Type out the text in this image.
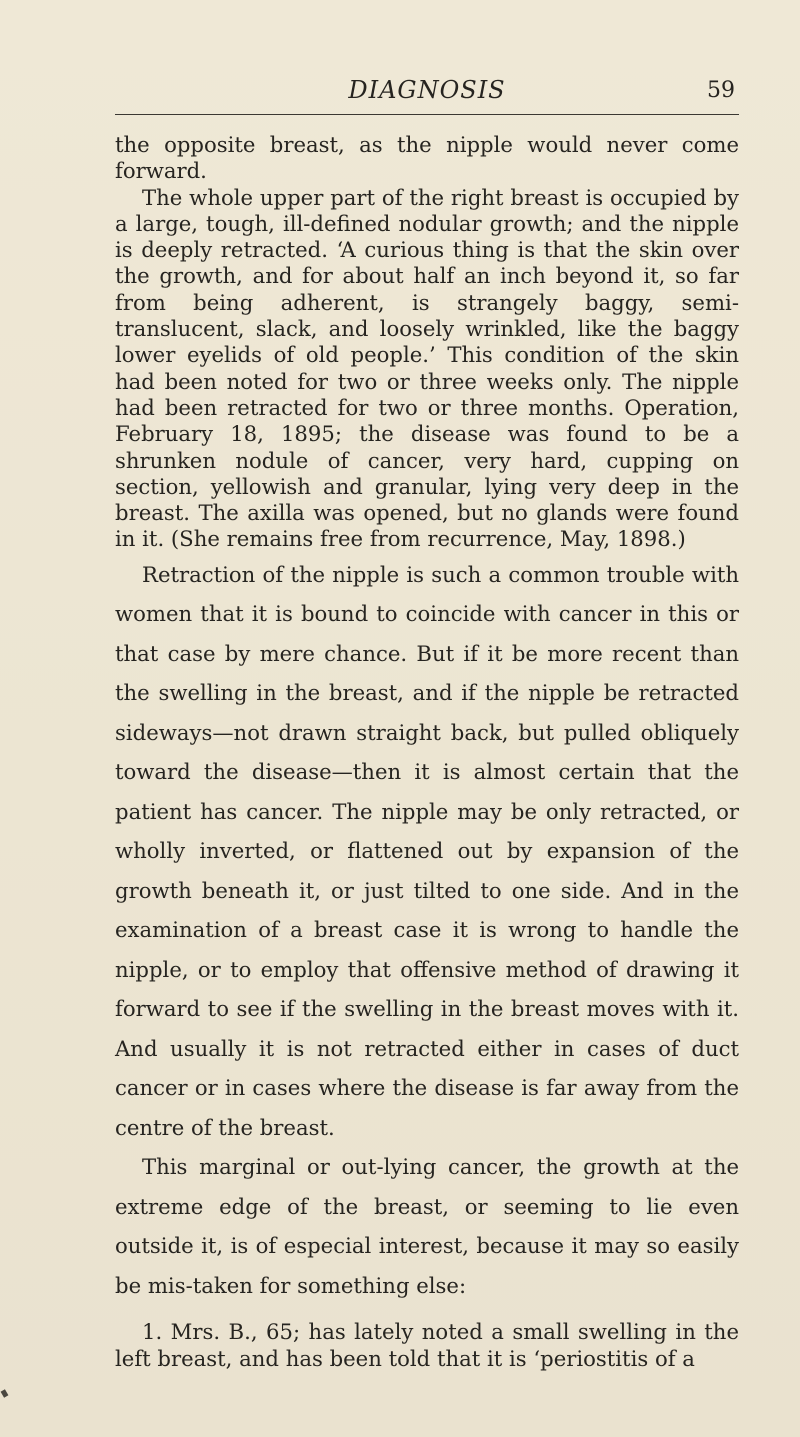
DIAGNOSIS	59

the opposite breast, as the nipple would never come forward.

The whole upper part of the right breast is occupied by a large, tough, ill-defined nodular growth; and the nipple is deeply retracted. ‘A curious thing is that the skin over the growth, and for about half an inch beyond it, so far from being adherent, is strangely baggy, semi-translucent, slack, and loosely wrinkled, like the baggy lower eyelids of old people.’ This condition of the skin had been noted for two or three weeks only. The nipple had been retracted for two or three months. Operation, February 18, 1895; the disease was found to be a shrunken nodule of cancer, very hard, cupping on section, yellowish and granular, lying very deep in the breast. The axilla was opened, but no glands were found in it. (She remains free from recurrence, May, 1898.)

Retraction of the nipple is such a common trouble with women that it is bound to coincide with cancer in this or that case by mere chance. But if it be more recent than the swelling in the breast, and if the nipple be retracted sideways—not drawn straight back, but pulled obliquely toward the disease—then it is almost certain that the patient has cancer. The nipple may be only retracted, or wholly inverted, or flattened out by expansion of the growth beneath it, or just tilted to one side. And in the examination of a breast case it is wrong to handle the nipple, or to employ that offensive method of drawing it forward to see if the swelling in the breast moves with it. And usually it is not retracted either in cases of duct cancer or in cases where the disease is far away from the centre of the breast.

This marginal or out-lying cancer, the growth at the extreme edge of the breast, or seeming to lie even outside it, is of especial interest, because it may so easily be mis-taken for something else:

1. Mrs. B., 65; has lately noted a small swelling in the left breast, and has been told that it is ‘periostitis of a
